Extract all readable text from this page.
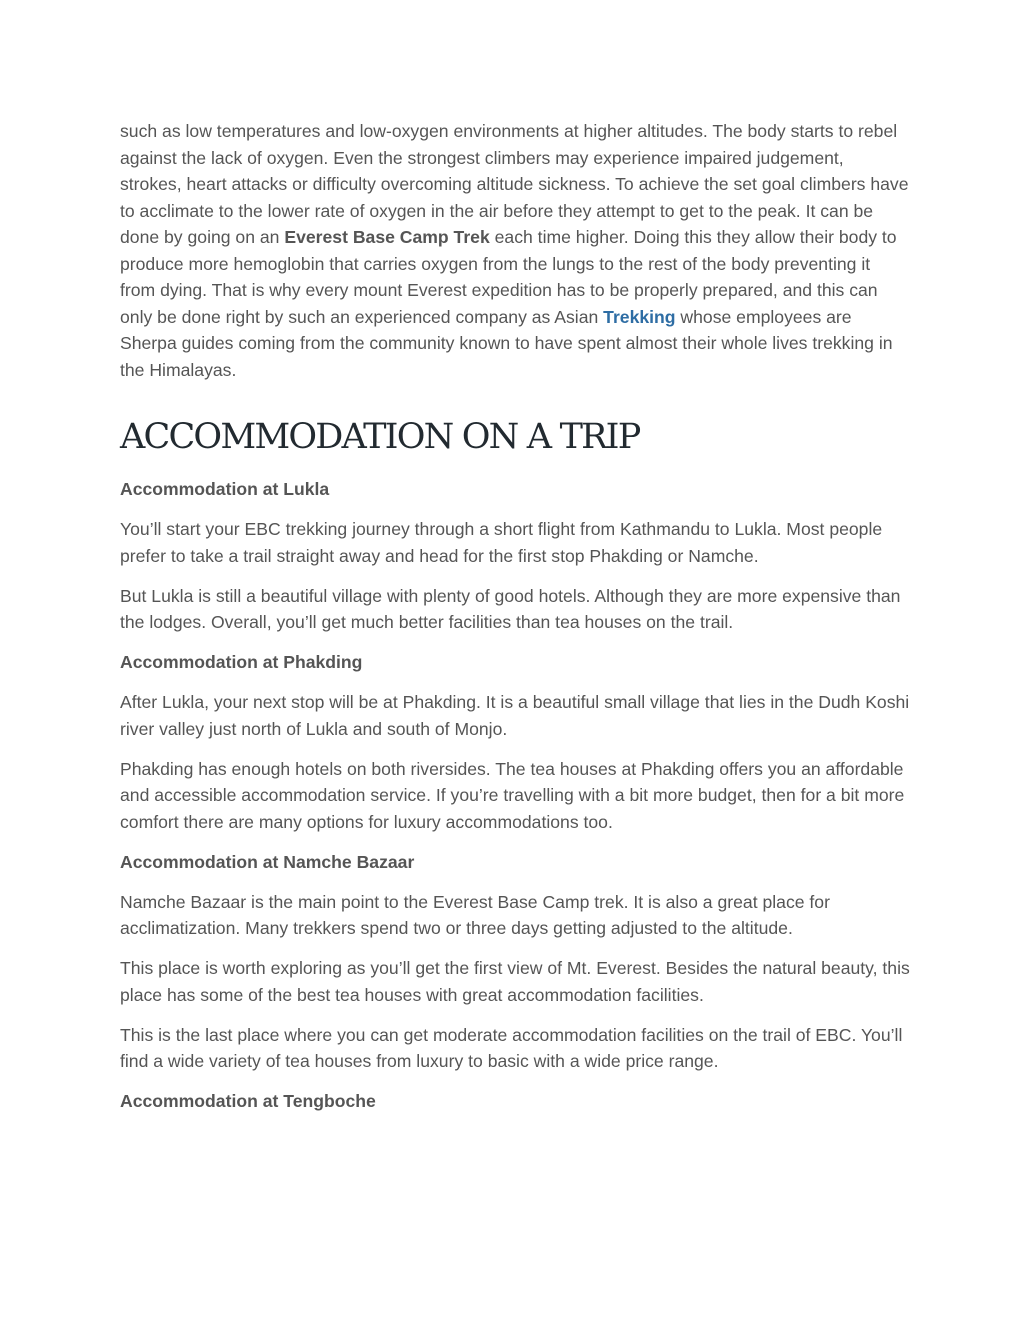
such as low temperatures and low-oxygen environments at higher altitudes. The body starts to rebel against the lack of oxygen. Even the strongest climbers may experience impaired judgement, strokes, heart attacks or difficulty overcoming altitude sickness. To achieve the set goal climbers have to acclimate to the lower rate of oxygen in the air before they attempt to get to the peak. It can be done by going on an Everest Base Camp Trek each time higher. Doing this they allow their body to produce more hemoglobin that carries oxygen from the lungs to the rest of the body preventing it from dying. That is why every mount Everest expedition has to be properly prepared, and this can only be done right by such an experienced company as Asian Trekking whose employees are Sherpa guides coming from the community known to have spent almost their whole lives trekking in the Himalayas.

ACCOMMODATION ON A TRIP
Accommodation at Lukla

You’ll start your EBC trekking journey through a short flight from Kathmandu to Lukla. Most people prefer to take a trail straight away and head for the first stop Phakding or Namche.

But Lukla is still a beautiful village with plenty of good hotels. Although they are more expensive than the lodges. Overall, you’ll get much better facilities than tea houses on the trail.

Accommodation at Phakding

After Lukla, your next stop will be at Phakding. It is a beautiful small village that lies in the Dudh Koshi river valley just north of Lukla and south of Monjo.

Phakding has enough hotels on both riversides. The tea houses at Phakding offers you an affordable and accessible accommodation service. If you’re travelling with a bit more budget, then for a bit more comfort there are many options for luxury accommodations too.

Accommodation at Namche Bazaar

Namche Bazaar is the main point to the Everest Base Camp trek. It is also a great place for acclimatization. Many trekkers spend two or three days getting adjusted to the altitude.

This place is worth exploring as you’ll get the first view of Mt. Everest. Besides the natural beauty, this place has some of the best tea houses with great accommodation facilities.

This is the last place where you can get moderate accommodation facilities on the trail of EBC. You’ll find a wide variety of tea houses from luxury to basic with a wide price range.

Accommodation at Tengboche
